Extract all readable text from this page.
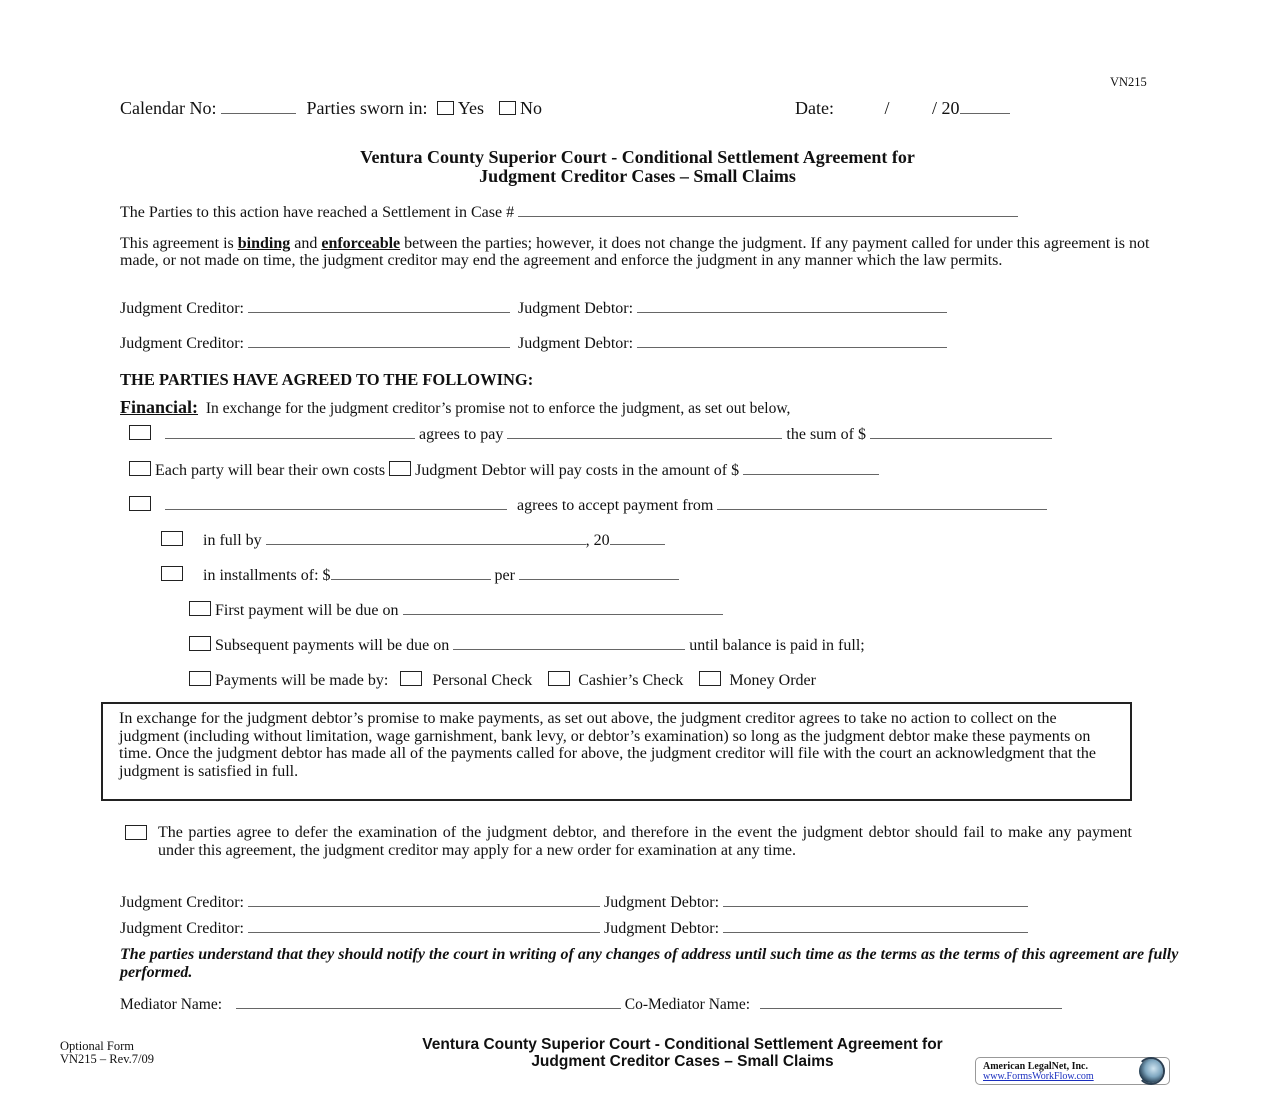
VN215
Calendar No:	Parties sworn in: Yes No	Date:	/ / 20
Ventura County Superior Court - Conditional Settlement Agreement for
Judgment Creditor Cases – Small Claims
The Parties to this action have reached a Settlement in Case #
This agreement is binding and enforceable between the parties; however, it does not change the judgment. If any payment called for under this agreement is not made, or not made on time, the judgment creditor may end the agreement and enforce the judgment in any manner which the law permits.
Judgment Creditor:	Judgment Debtor:
Judgment Creditor:	Judgment Debtor:
THE PARTIES HAVE AGREED TO THE FOLLOWING:
Financial: In exchange for the judgment creditor’s promise not to enforce the judgment, as set out below,
agrees to pay	the sum of $
Each party will bear their own costs Judgment Debtor will pay costs in the amount of $
agrees to accept payment from
in full by	, 20
in installments of: $	per
First payment will be due on
Subsequent payments will be due on	until balance is paid in full;
Payments will be made by:	Personal Check	Cashier’s Check	Money Order
In exchange for the judgment debtor’s promise to make payments, as set out above, the judgment creditor agrees to take no action to collect on the judgment (including without limitation, wage garnishment, bank levy, or debtor’s examination) so long as the judgment debtor make these payments on time. Once the judgment debtor has made all of the payments called for above, the judgment creditor will file with the court an acknowledgment that the judgment is satisfied in full.
The parties agree to defer the examination of the judgment debtor, and therefore in the event the judgment debtor should fail to make any payment under this agreement, the judgment creditor may apply for a new order for examination at any time.
Judgment Creditor:	Judgment Debtor:
Judgment Creditor:	Judgment Debtor:
The parties understand that they should notify the court in writing of any changes of address until such time as the terms as the terms of this agreement are fully performed.
Mediator Name:	Co-Mediator Name:
Optional Form
VN215 – Rev.7/09
Ventura County Superior Court - Conditional Settlement Agreement for
Judgment Creditor Cases – Small Claims	American LegalNet, Inc.
www.FormsWorkFlow.com
